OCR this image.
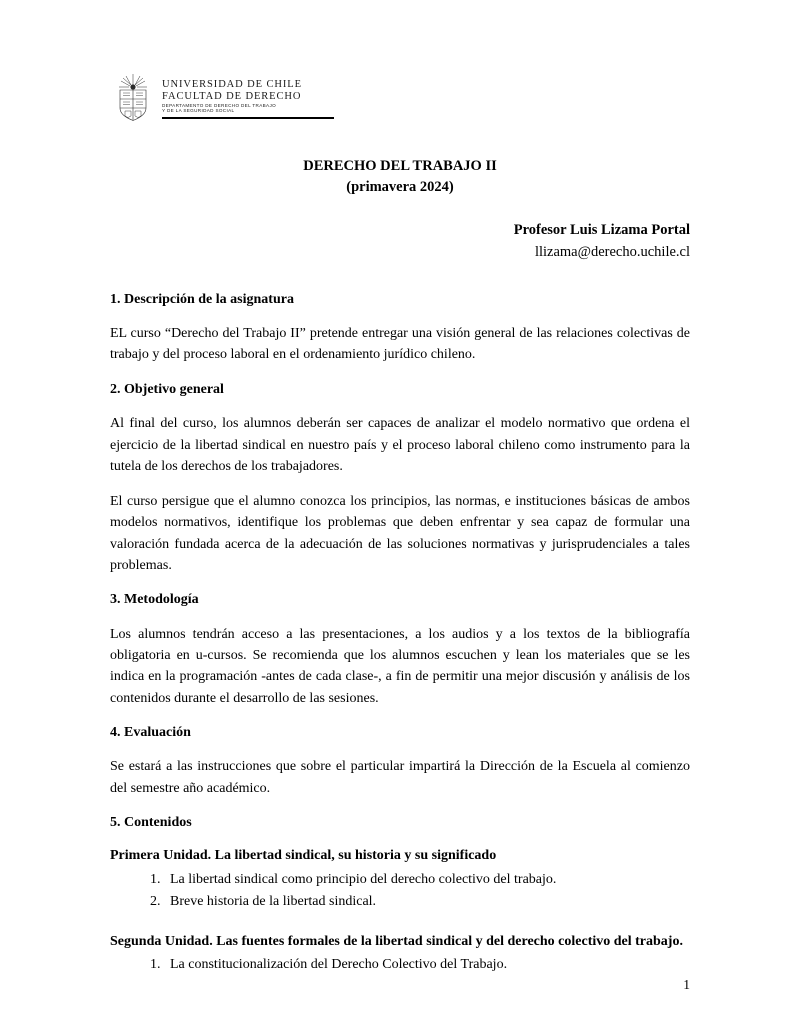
UNIVERSIDAD DE CHILE
FACULTAD DE DERECHO
DEPARTAMENTO DE DERECHO DEL TRABAJO
Y DE LA SEGURIDAD SOCIAL
DERECHO DEL TRABAJO II
(primavera 2024)
Profesor Luis Lizama Portal
llizama@derecho.uchile.cl
1. Descripción de la asignatura

EL curso “Derecho del Trabajo II” pretende entregar una visión general de las relaciones colectivas de trabajo y del proceso laboral en el ordenamiento jurídico chileno.

2. Objetivo general

Al final del curso, los alumnos deberán ser capaces de analizar el modelo normativo que ordena el ejercicio de la libertad sindical en nuestro país y el proceso laboral chileno como instrumento para la tutela de los derechos de los trabajadores.

El curso persigue que el alumno conozca los principios, las normas, e instituciones básicas de ambos modelos normativos, identifique los problemas que deben enfrentar y sea capaz de formular una valoración fundada acerca de la adecuación de las soluciones normativas y jurisprudenciales a tales problemas.

3. Metodología

Los alumnos tendrán acceso a las presentaciones, a los audios y a los textos de la bibliografía obligatoria en u-cursos. Se recomienda que los alumnos escuchen y lean los materiales que se les indica en la programación -antes de cada clase-, a fin de permitir una mejor discusión y análisis de los contenidos durante el desarrollo de las sesiones.

4. Evaluación

Se estará a las instrucciones que sobre el particular impartirá la Dirección de la Escuela al comienzo del semestre año académico.

5. Contenidos
Primera Unidad. La libertad sindical, su historia y su significado
1. La libertad sindical como principio del derecho colectivo del trabajo.
2. Breve historia de la libertad sindical.
Segunda Unidad. Las fuentes formales de la libertad sindical y del derecho colectivo del trabajo.
1. La constitucionalización del Derecho Colectivo del Trabajo.
1
